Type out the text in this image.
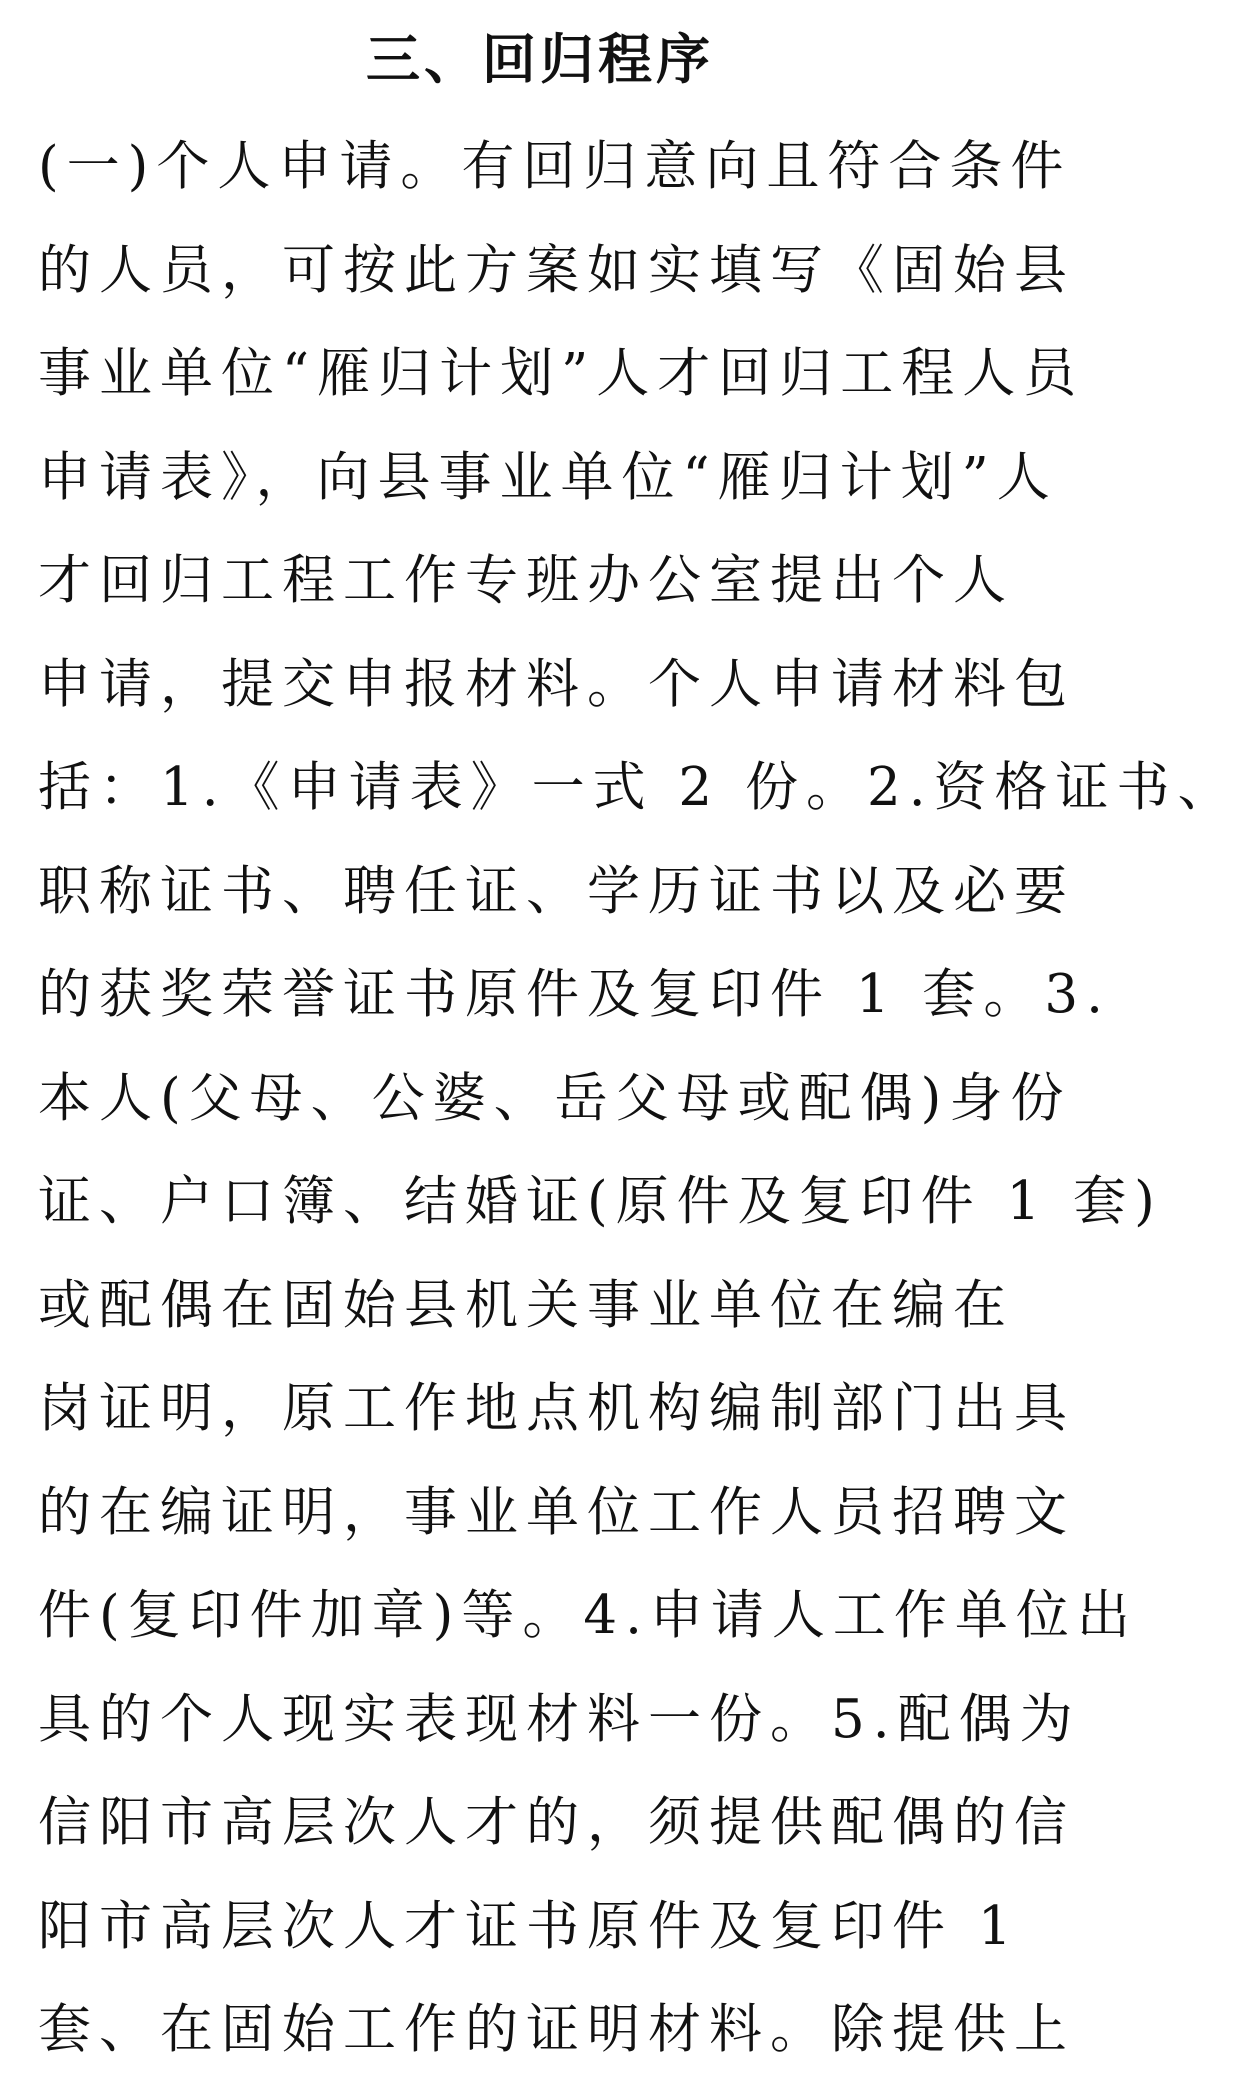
三、回归程序
(一)个人申请。有回归意向且符合条件
的人员，可按此方案如实填写《固始县
事业单位“雁归计划”人才回归工程人员
申请表》，向县事业单位“雁归计划”人
才回归工程工作专班办公室提出个人
申请，提交申报材料。个人申请材料包
括：1.《申请表》一式 2 份。2.资格证书、
职称证书、聘任证、学历证书以及必要
的获奖荣誉证书原件及复印件 1 套。3.
本人(父母、公婆、岳父母或配偶)身份
证、户口簿、结婚证(原件及复印件 1 套)
或配偶在固始县机关事业单位在编在
岗证明，原工作地点机构编制部门出具
的在编证明，事业单位工作人员招聘文
件(复印件加章)等。4.申请人工作单位出
具的个人现实表现材料一份。5.配偶为
信阳市高层次人才的，须提供配偶的信
阳市高层次人才证书原件及复印件 1
套、在固始工作的证明材料。除提供上
